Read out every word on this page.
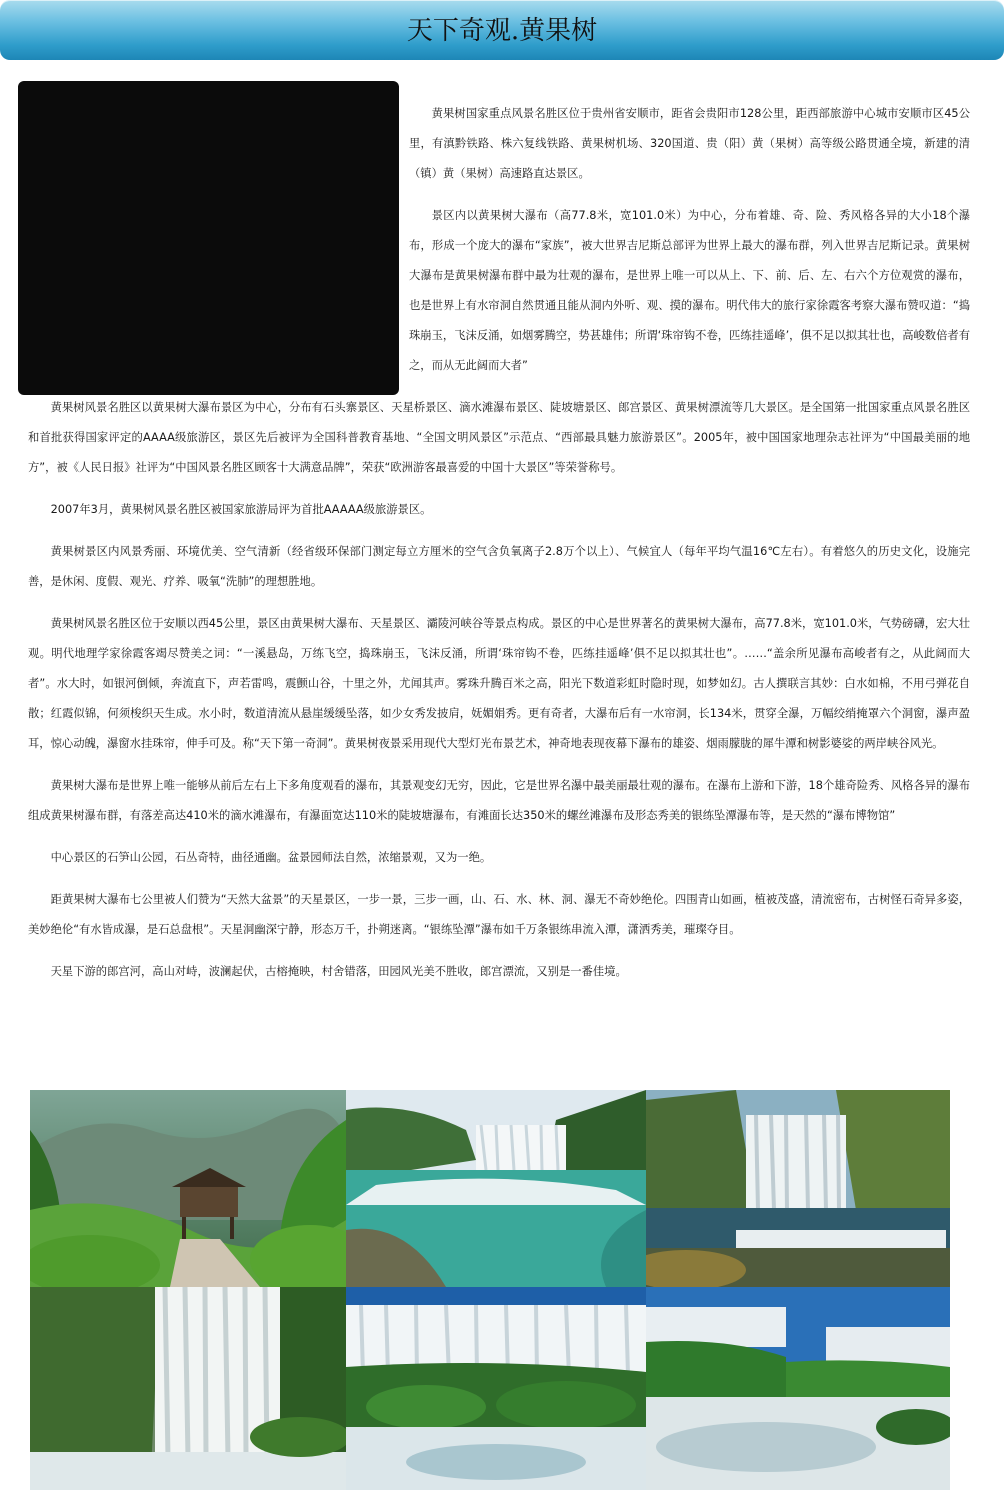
天下奇观.黄果树

黄果树国家重点风景名胜区位于贵州省安顺市，距省会贵阳市128公里，距西部旅游中心城市安顺市区45公里，有滇黔铁路、株六复线铁路、黄果树机场、320国道、贵（阳）黄（果树）高等级公路贯通全境，新建的清（镇）黄（果树）高速路直达景区。

景区内以黄果树大瀑布（高77.8米，宽101.0米）为中心，分布着雄、奇、险、秀风格各异的大小18个瀑布，形成一个庞大的瀑布“家族”，被大世界吉尼斯总部评为世界上最大的瀑布群，列入世界吉尼斯记录。黄果树大瀑布是黄果树瀑布群中最为壮观的瀑布，是世界上唯一可以从上、下、前、后、左、右六个方位观赏的瀑布，也是世界上有水帘洞自然贯通且能从洞内外听、观、摸的瀑布。明代伟大的旅行家徐霞客考察大瀑布赞叹道：“捣珠崩玉，飞沫反涌，如烟雾腾空，势甚雄伟；所谓‘珠帘钩不卷，匹练挂遥峰’，俱不足以拟其壮也，高峻数倍者有之，而从无此阔而大者”

黄果树风景名胜区以黄果树大瀑布景区为中心，分布有石头寨景区、天星桥景区、滴水滩瀑布景区、陡坡塘景区、郎宫景区、黄果树漂流等几大景区。是全国第一批国家重点风景名胜区和首批获得国家评定的AAAA级旅游区，景区先后被评为全国科普教育基地、“全国文明风景区”示范点、“西部最具魅力旅游景区”。2005年，被中国国家地理杂志社评为“中国最美丽的地方”，被《人民日报》社评为“中国风景名胜区顾客十大满意品牌”，荣获“欧洲游客最喜爱的中国十大景区”等荣誉称号。

2007年3月，黄果树风景名胜区被国家旅游局评为首批AAAAA级旅游景区。

黄果树景区内风景秀丽、环境优美、空气清新（经省级环保部门测定每立方厘米的空气含负氧离子2.8万个以上）、气候宜人（每年平均气温16℃左右）。有着悠久的历史文化，设施完善，是休闲、度假、观光、疗养、吸氧“洗肺”的理想胜地。

黄果树风景名胜区位于安顺以西45公里，景区由黄果树大瀑布、天星景区、灞陵河峡谷等景点构成。景区的中心是世界著名的黄果树大瀑布，高77.8米，宽101.0米，气势磅礴，宏大壮观。明代地理学家徐霞客竭尽赞美之词：“一溪悬岛，万练飞空，捣珠崩玉，飞沫反涌，所谓‘珠帘钩不卷，匹练挂遥峰’俱不足以拟其壮也”。……“盖余所见瀑布高峻者有之，从此阔而大者”。水大时，如银河倒倾，奔流直下，声若雷鸣，震颤山谷，十里之外，尤闻其声。雾珠升腾百米之高，阳光下数道彩虹时隐时现，如梦如幻。古人撰联言其妙：白水如棉，不用弓弹花自散；红霞似锦，何须梭织天生成。水小时，数道清流从悬崖缓缓坠落，如少女秀发披肩，妩媚娟秀。更有奇者，大瀑布后有一水帘洞，长134米，贯穿全瀑，万幅绞绡掩罩六个洞窗，瀑声盈耳，惊心动魄，瀑窗水挂珠帘，伸手可及。称“天下第一奇洞”。黄果树夜景采用现代大型灯光布景艺术，神奇地表现夜幕下瀑布的雄姿、烟雨朦胧的犀牛潭和树影婆娑的两岸峡谷风光。

黄果树大瀑布是世界上唯一能够从前后左右上下多角度观看的瀑布，其景观变幻无穷，因此，它是世界名瀑中最美丽最壮观的瀑布。在瀑布上游和下游，18个雄奇险秀、风格各异的瀑布组成黄果树瀑布群，有落差高达410米的滴水滩瀑布，有瀑面宽达110米的陡坡塘瀑布，有滩面长达350米的螺丝滩瀑布及形态秀美的银练坠潭瀑布等，是天然的“瀑布博物馆”

中心景区的石笋山公园，石丛奇特，曲径通幽。盆景园师法自然，浓缩景观，又为一绝。

距黄果树大瀑布七公里被人们赞为“天然大盆景”的天星景区，一步一景，三步一画，山、石、水、林、洞、瀑无不奇妙绝伦。四围青山如画，植被茂盛，清流密布，古树怪石奇异多姿，美妙绝伦“有水皆成瀑，是石总盘根”。天星洞幽深宁静，形态万千，扑朔迷离。“银练坠潭”瀑布如千万条银练串流入潭，潇洒秀美，璀璨夺目。

天星下游的郎宫河，高山对峙，波澜起伏，古榕掩映，村舍错落，田园风光美不胜收，郎宫漂流，又别是一番佳境。
